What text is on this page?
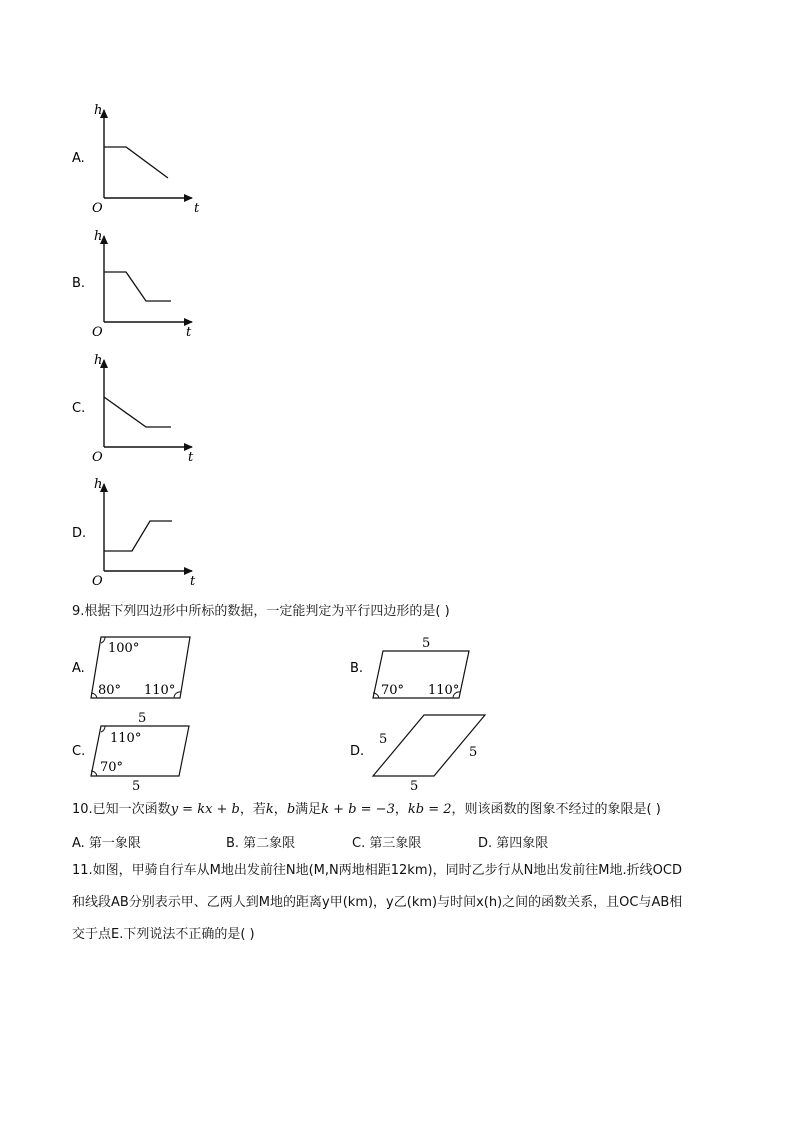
A.
h
O	t
B.
h
O	t
C.
h
O	t
D.
h
O	t
A.
100°
80° 110°
B.
5
70° 110°
C.
5
5
110°
70°
D.
5
5
5
9.根据下列四边形中所标的数据，一定能判定为平行四边形的是( )
10.已知一次函数y = kx + b，若k，b满足k + b = −3，kb = 2，则该函数的图象不经过的象限是( )
A. 第一象限	B. 第二象限	C. 第三象限	D. 第四象限
11.如图，甲骑自行车从M地出发前往N地(M,N两地相距12km)，同时乙步行从N地出发前往M地.折线OCD
和线段AB分别表示甲、乙两人到M地的距离y甲(km)，y乙(km)与时间x(h)之间的函数关系，且OC与AB相
交于点E.下列说法不正确的是( )
